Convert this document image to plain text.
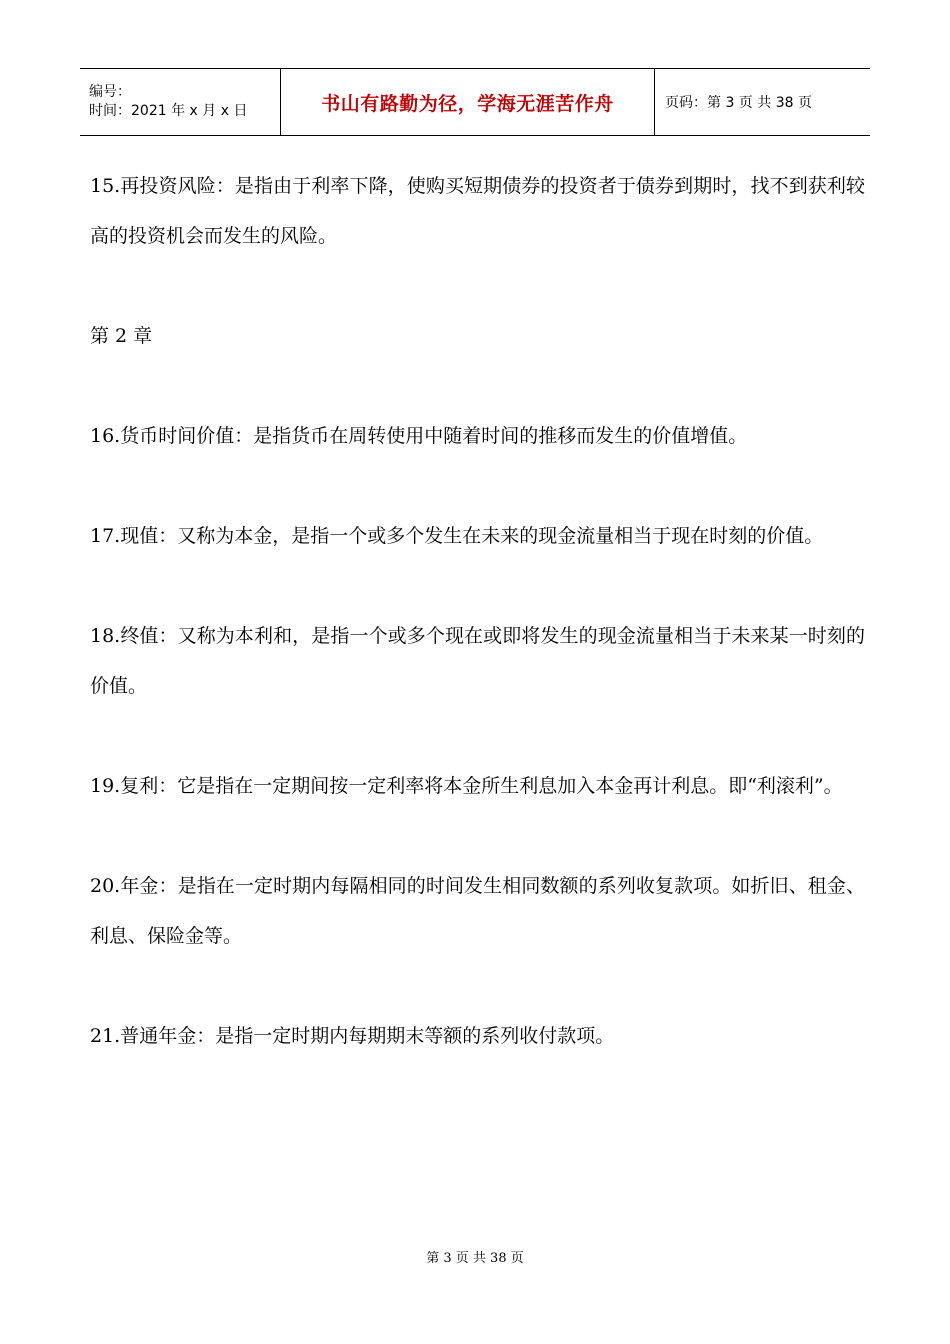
编号：
时间：2021 年 x 月 x 日	书山有路勤为径，学海无涯苦作舟	页码：第 3 页 共 38 页

15.再投资风险：是指由于利率下降，使购买短期债券的投资者于债券到期时，找不到获利较高的投资机会而发生的风险。

第 2 章

16.货币时间价值：是指货币在周转使用中随着时间的推移而发生的价值增值。

17.现值：又称为本金，是指一个或多个发生在未来的现金流量相当于现在时刻的价值。

18.终值：又称为本利和，是指一个或多个现在或即将发生的现金流量相当于未来某一时刻的价值。

19.复利：它是指在一定期间按一定利率将本金所生利息加入本金再计利息。即“利滚利”。

20.年金：是指在一定时期内每隔相同的时间发生相同数额的系列收复款项。如折旧、租金、利息、保险金等。

21.普通年金：是指一定时期内每期期末等额的系列收付款项。

第 3 页 共 38 页
